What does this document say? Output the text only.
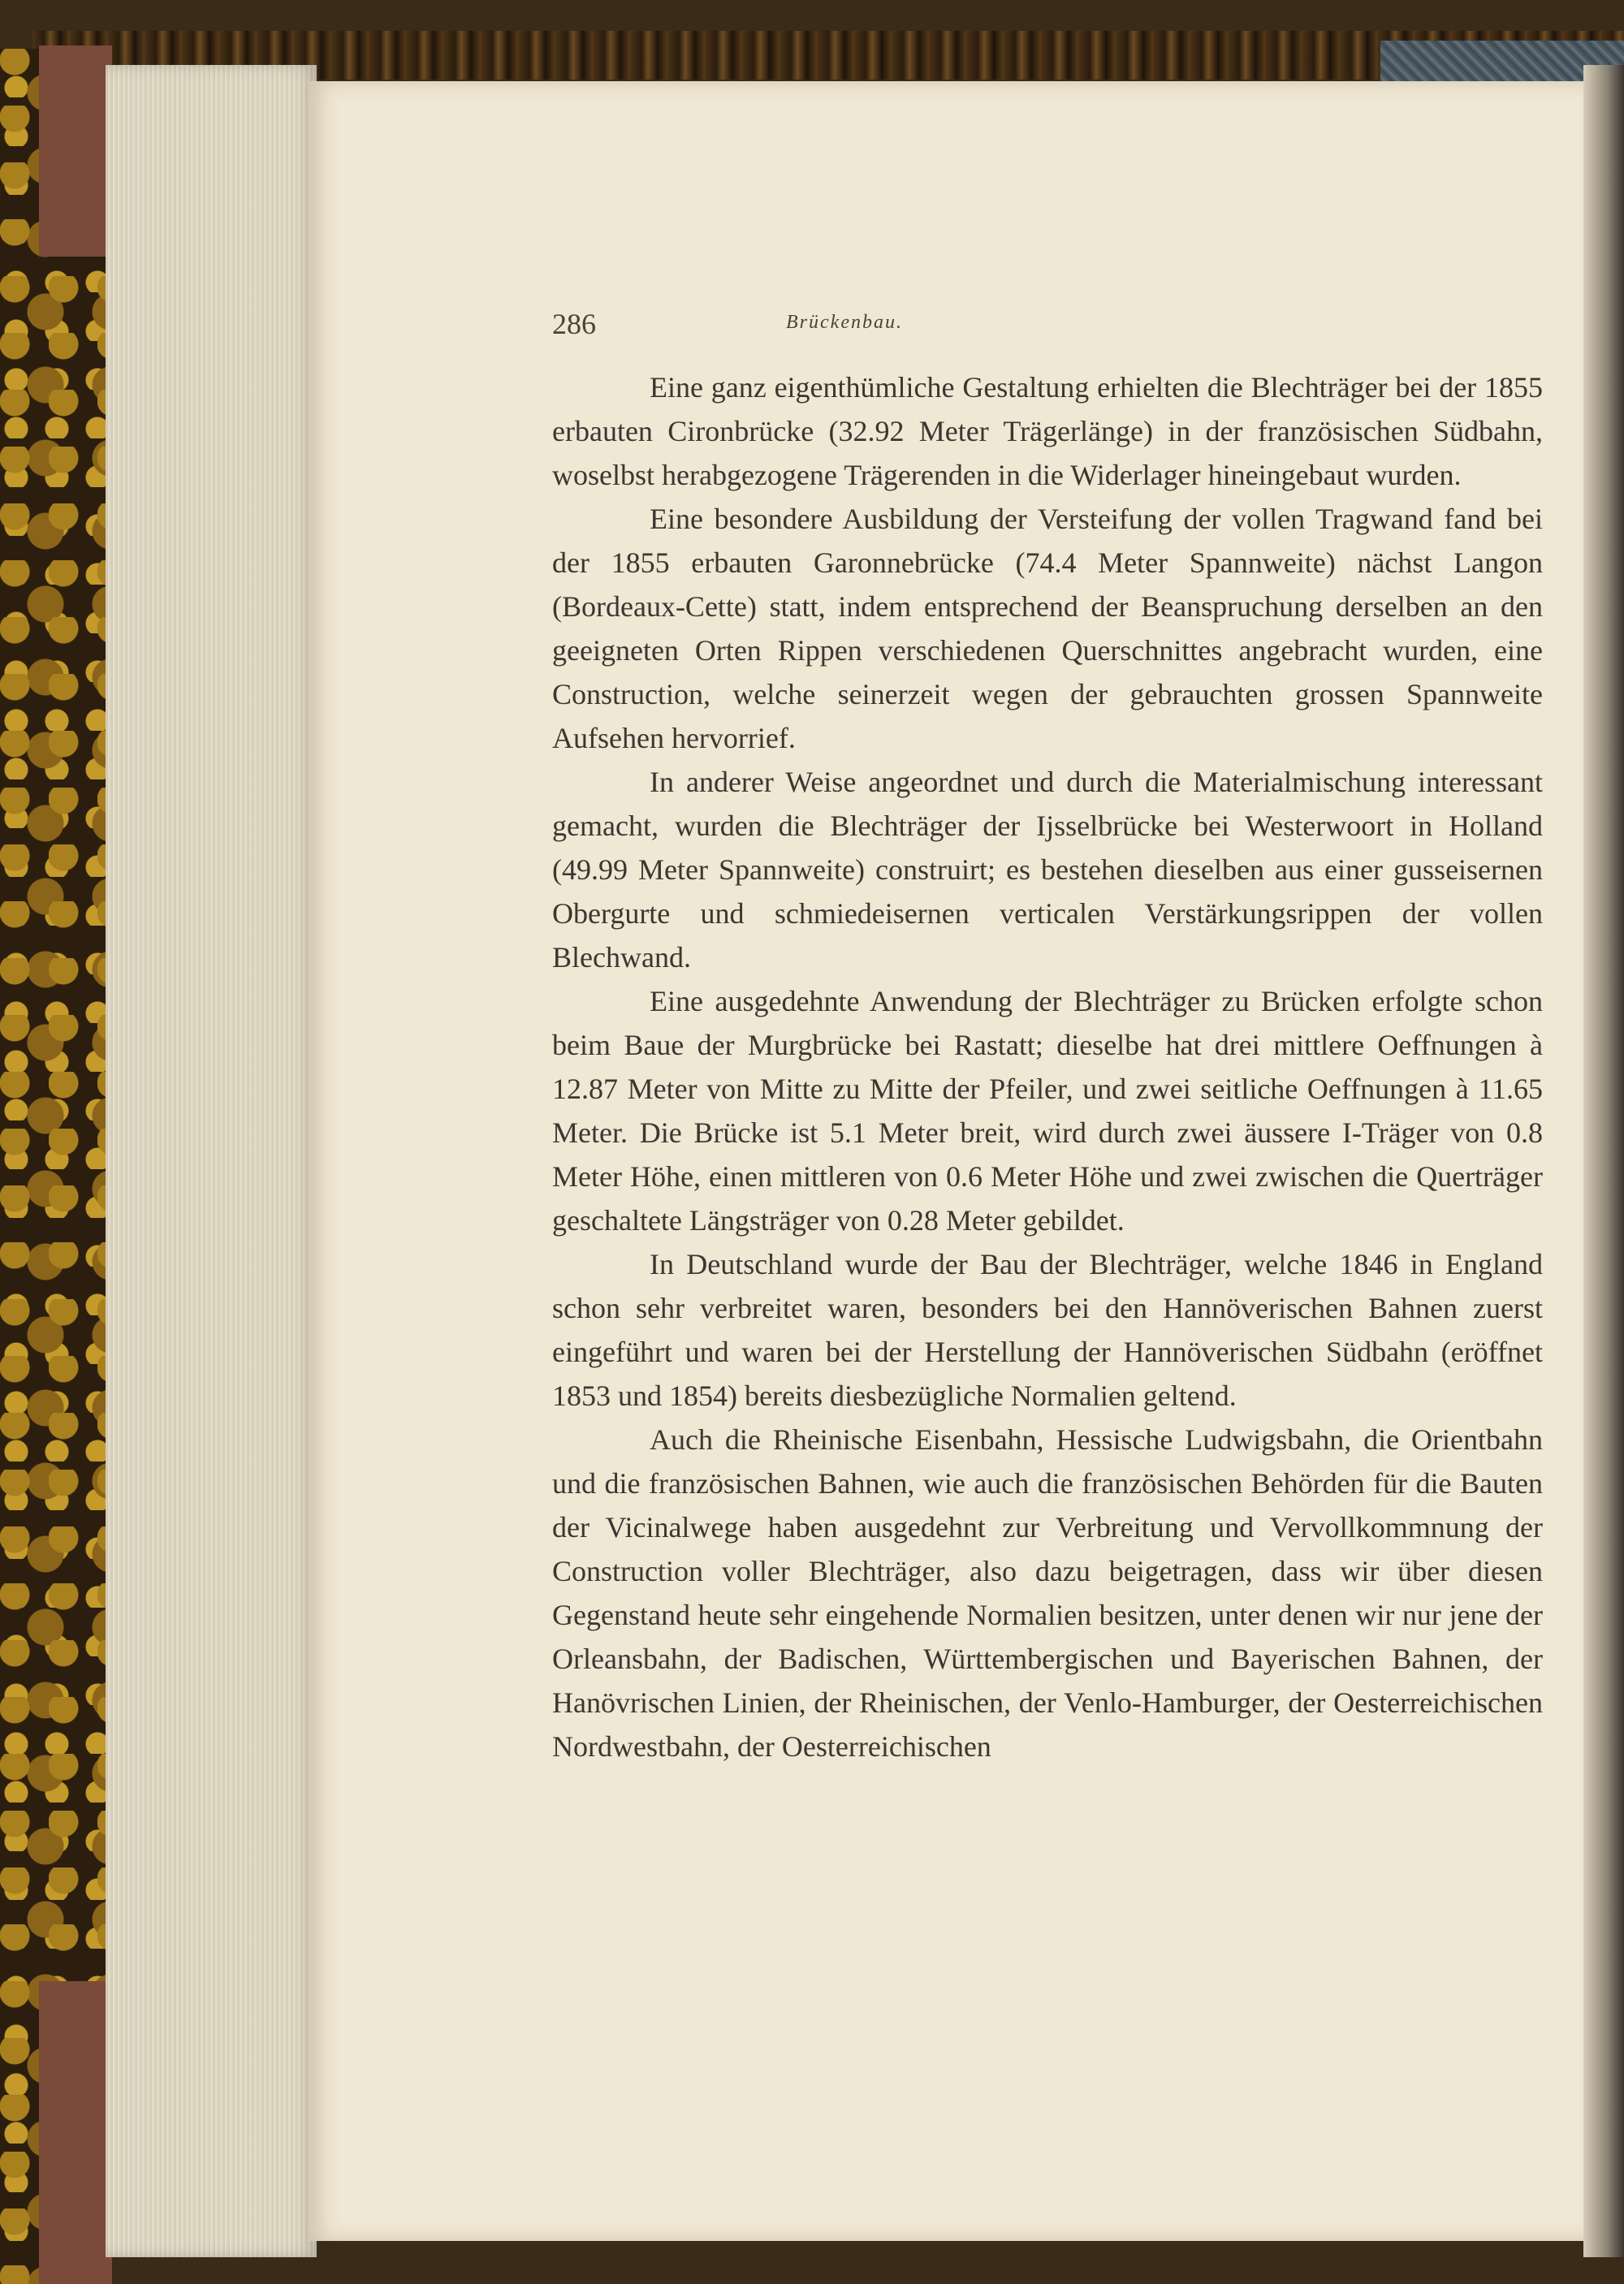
286	Brückenbau.

Eine ganz eigenthümliche Gestaltung erhielten die Blechträger bei der 1855 erbauten Cironbrücke (32.92 Meter Trägerlänge) in der französischen Südbahn, woselbst herabgezogene Trägerenden in die Widerlager hineingebaut wurden.

Eine besondere Ausbildung der Versteifung der vollen Tragwand fand bei der 1855 erbauten Garonnebrücke (74.4 Meter Spannweite) nächst Langon (Bordeaux-Cette) statt, indem entsprechend der Beanspruchung derselben an den geeigneten Orten Rippen verschiedenen Querschnittes angebracht wurden, eine Construction, welche seinerzeit wegen der gebrauchten grossen Spannweite Aufsehen hervorrief.

In anderer Weise angeordnet und durch die Materialmischung interessant gemacht, wurden die Blechträger der Ijsselbrücke bei Westerwoort in Holland (49.99 Meter Spannweite) construirt; es bestehen dieselben aus einer gusseisernen Obergurte und schmiedeisernen verticalen Verstärkungsrippen der vollen Blechwand.

Eine ausgedehnte Anwendung der Blechträger zu Brücken erfolgte schon beim Baue der Murgbrücke bei Rastatt; dieselbe hat drei mittlere Oeffnungen à 12.87 Meter von Mitte zu Mitte der Pfeiler, und zwei seitliche Oeffnungen à 11.65 Meter. Die Brücke ist 5.1 Meter breit, wird durch zwei äussere I-Träger von 0.8 Meter Höhe, einen mittleren von 0.6 Meter Höhe und zwei zwischen die Querträger geschaltete Längsträger von 0.28 Meter gebildet.

In Deutschland wurde der Bau der Blechträger, welche 1846 in England schon sehr verbreitet waren, besonders bei den Hannöverischen Bahnen zuerst eingeführt und waren bei der Herstellung der Hannöverischen Südbahn (eröffnet 1853 und 1854) bereits diesbezügliche Normalien geltend.

Auch die Rheinische Eisenbahn, Hessische Ludwigsbahn, die Orientbahn und die französischen Bahnen, wie auch die französischen Behörden für die Bauten der Vicinalwege haben ausgedehnt zur Verbreitung und Vervollkommnung der Construction voller Blechträger, also dazu beigetragen, dass wir über diesen Gegenstand heute sehr eingehende Normalien besitzen, unter denen wir nur jene der Orleansbahn, der Badischen, Württembergischen und Bayerischen Bahnen, der Hanövrischen Linien, der Rheinischen, der Venlo-Hamburger, der Oesterreichischen Nordwestbahn, der Oesterreichischen
